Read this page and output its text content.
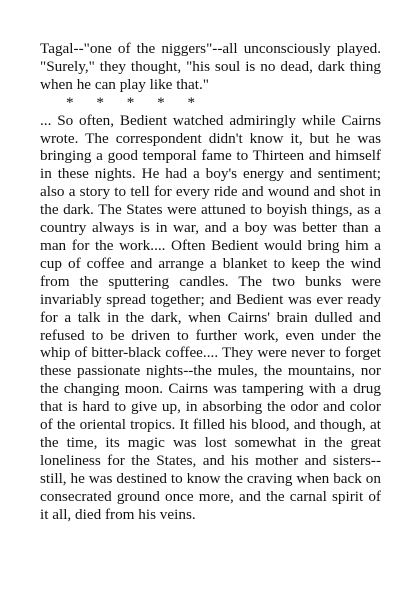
Tagal--"one of the niggers"--all unconsciously played. "Surely," they thought, "his soul is no dead, dark thing when he can play like that."

*      *      *      *      *

... So often, Bedient watched admiringly while Cairns wrote. The correspondent didn't know it, but he was bringing a good temporal fame to Thirteen and himself in these nights. He had a boy's energy and sentiment; also a story to tell for every ride and wound and shot in the dark. The States were attuned to boyish things, as a country always is in war, and a boy was better than a man for the work.... Often Bedient would bring him a cup of coffee and arrange a blanket to keep the wind from the sputtering candles. The two bunks were invariably spread together; and Bedient was ever ready for a talk in the dark, when Cairns' brain dulled and refused to be driven to further work, even under the whip of bitter-black coffee.... They were never to forget these passionate nights--the mules, the mountains, nor the changing moon. Cairns was tampering with a drug that is hard to give up, in absorbing the odor and color of the oriental tropics. It filled his blood, and though, at the time, its magic was lost somewhat in the great loneliness for the States, and his mother and sisters--still, he was destined to know the craving when back on consecrated ground once more, and the carnal spirit of it all, died from his veins.
